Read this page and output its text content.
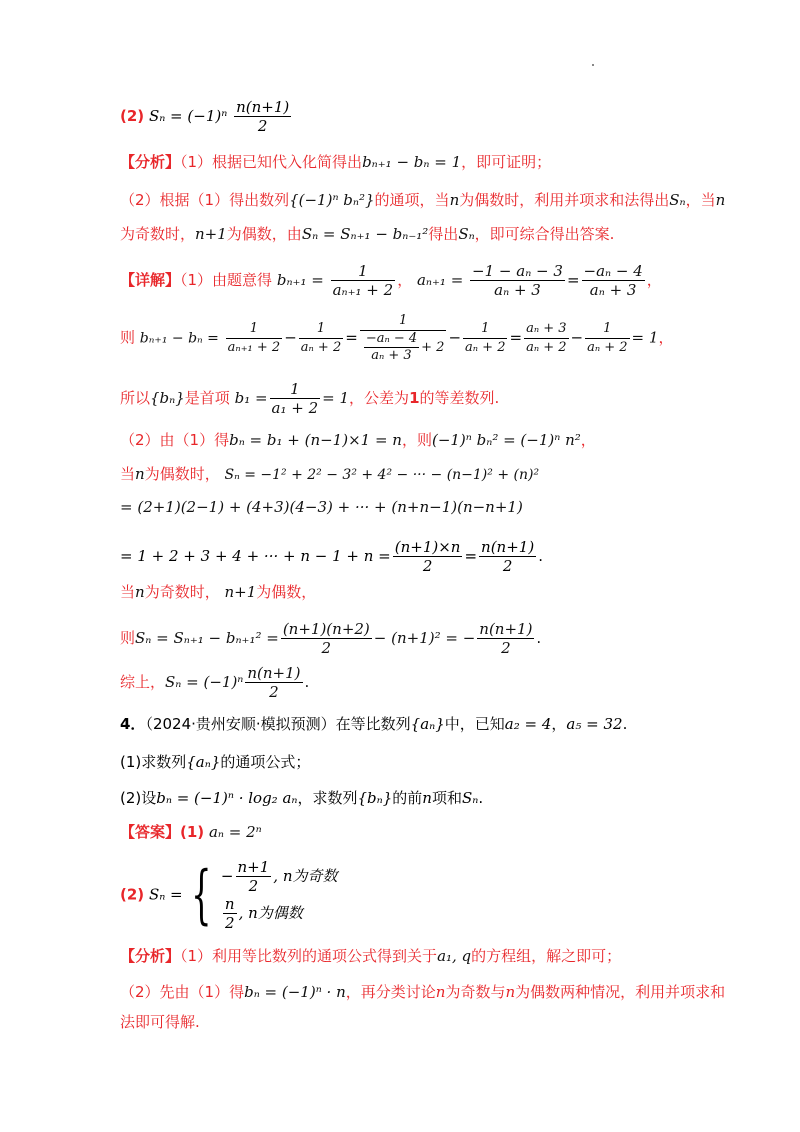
(2) $S_n = (-1)^n \frac{n(n+1)}{2}$
【分析】（1）根据已知代入化简得出bₙ₊₁ − bₙ = 1，即可证明；
（2）根据（1）得出数列{(−1)ⁿ bₙ²}的通项，当n为偶数时，利用并项求和法得出Sₙ，当n
为奇数时，n+1为偶数，由Sₙ = Sₙ₊₁ − bₙ₋₁²得出Sₙ，即可综合得出答案.
【详解】（1）由题意得 $b_{n+1} = \frac{1}{\text{aₙ₊₁ + 2}}$ ， $a_{n+1} = \frac{\text{−1 − aₙ − 3}}{\text{aₙ + 3}} = \frac{\text{−aₙ − 4}}{\text{aₙ + 3}}$ ，
则 $b_{n+1} - b_n = \frac{1}{\text{aₙ₊₁ + 2}} - \frac{1}{\text{aₙ + 2}} = \frac{1}{\frac{\text{−aₙ − 4}}{\text{aₙ + 3}} + 2} - \frac{1}{\text{aₙ + 2}} = \frac{\text{aₙ + 3}}{\text{aₙ + 2}} - \frac{1}{\text{aₙ + 2}} = 1$，
所以{bₙ}是首项 $b_1 = \frac{1}{\text{a₁ + 2}} = 1$，公差为1的等差数列.
（2）由（1）得bₙ = b₁ + (n−1)×1 = n，则(−1)ⁿ bₙ² = (−1)ⁿ n²，
当n为偶数时， Sₙ = −1² + 2² − 3² + 4² − ··· − (n−1)² + (n)²
= (2+1)(2−1) + (4+3)(4−3) + ··· + (n+n−1)(n−n+1)
= 1 + 2 + 3 + 4 + ··· + $n - 1 + n = \frac{(n+1)\times n}{2} = \frac{n(n+1)}{2}$ .
当n为奇数时， n+1为偶数，
则$S_n = S_{n+1} - b_{n+1}^2 = \frac{(n+1)(n+2)}{2} - (n+1)^2$ = − $\frac{n(n+1)}{2}$ .
综上，$S_n = (-1)^n \frac{n(n+1)}{2}$ .
4．（2024·贵州安顺·模拟预测）在等比数列{aₙ}中，已知a₂ = 4，a₅ = 32.
(1)求数列{aₙ}的通项公式；
(2)设bₙ = (−1)ⁿ · log₂ aₙ，求数列{bₙ}的前n项和Sₙ.
【答案】(1) aₙ = 2ⁿ
(2) Sₙ = { − $\frac{n+1}{2}$ , n为奇数
$\frac{n}{2}$ , n为偶数
【分析】（1）利用等比数列的通项公式得到关于a₁, q的方程组，解之即可；
（2）先由（1）得bₙ = (−1)ⁿ · n，再分类讨论n为奇数与n为偶数两种情况，利用并项求和
法即可得解.
